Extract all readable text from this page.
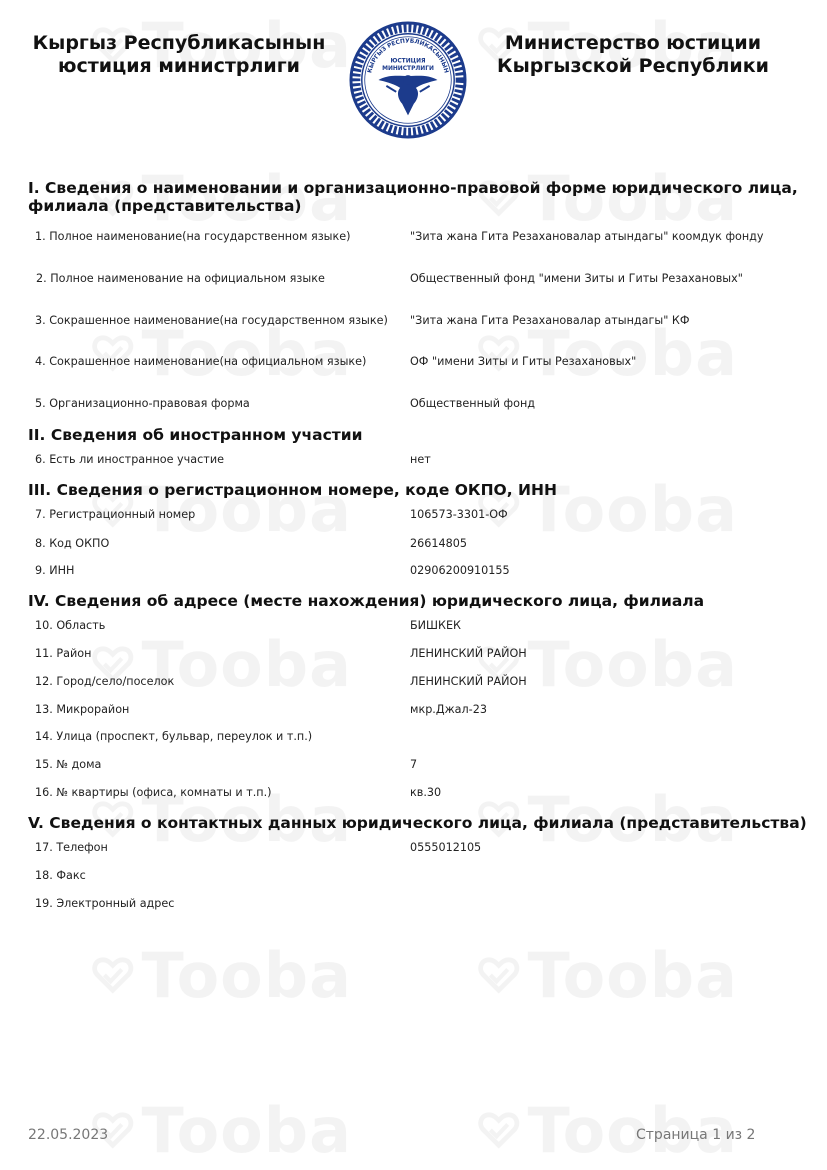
Кыргыз Республикасынын
юстиция министрлиги	КЫРГЫЗ РЕСПУБЛИКАСЫНЫН
ЮСТИЦИЯ
МИНИСТРЛИГИ
Министерство юстиции
Кыргызской Республики
I. Сведения о наименовании и организационно-правовой форме юридического лица, филиала (представительства)
1. Полное наименование(на государственном языке)	"Зита жана Гита Резахановалар атындагы" коомдук фонду
2. Полное наименование на официальном языке	Общественный фонд "имени Зиты и Гиты Резахановых"
3. Сокрашенное наименование(на государственном языке)	"Зита жана Гита Резахановалар атындагы" КФ
4. Сокрашенное наименование(на официальном языке)	ОФ "имени Зиты и Гиты Резахановых"
5. Организационно-правовая форма	Общественный фонд
II. Сведения об иностранном участии
6. Есть ли иностранное участие	нет
III. Сведения о регистрационном номере, коде ОКПО, ИНН
7. Регистрационный номер	106573-3301-ОФ
8. Код ОКПО	26614805
9. ИНН	02906200910155
IV. Сведения об адресе (месте нахождения) юридического лица, филиала
10. Область	БИШКЕК
11. Район	ЛЕНИНСКИЙ РАЙОН
12. Город/село/поселок	ЛЕНИНСКИЙ РАЙОН
13. Микрорайон	мкр.Джал-23
14. Улица (проспект, бульвар, переулок и т.п.)
15. № дома	7
16. № квартиры (офиса, комнаты и т.п.)	кв.30
V. Сведения о контактных данных юридического лица, филиала (представительства)
17. Телефон	0555012105
18. Факс
19. Электронный адрес
22.05.2023	Страница 1 из 2
